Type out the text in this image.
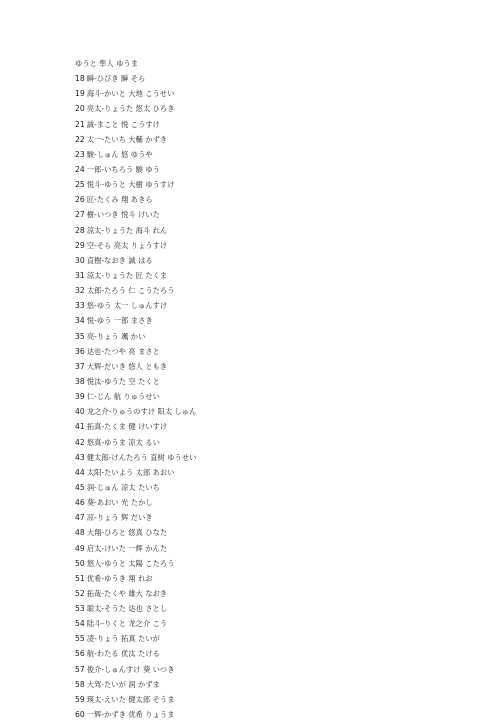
ゆうと 隼人 ゆうま
18 瞬-ひびき 瞬 そら
19 海斗-かいと 大地 こうせい
20 亮太-りょうた 悠太 ひろき
21 誠-まこと 悦 こうすけ
22 太一-たいち 大輔 かずき
23 駿-しゅん 悠 ゆうや
24 一郎-いちろう 駿 ゆう
25 悦斗-ゆうと 大樹 ゆうすけ
26 匠-たくみ 翔 あきら
27 樹-いつき 悦斗 けいた
28 涼太-りょうた 海斗 れん
29 空-そら 亮太 りょうすけ
30 直樹-なおき 誠 はる
31 涼太-りょうた 匠 たくま
32 太郎-たろう 仁 こうたろう
33 悠-ゆう 太一 しゅんすけ
34 悦-ゆう 一郎 まさき
35 亮-りょう 颯 かい
36 达也-たつや 亮 まさと
37 大辉-だいき 悠人 ともき
38 悦汰-ゆうた 空 たくと
39 仁-じん 航 りゅうせい
40 龙之介-りゅうのすけ 阳太 しゅん
41 拓真-たくま 健 けいすけ
42 悠真-ゆうま 凉太 るい
43 健太郎-けんたろう 直树 ゆうせい
44 太阳-たいよう 太郎 あおい
45 润-じゅん 凉太 たいち
46 葵-あおい 光 たかし
47 凉-りょう 辉 だいき
48 大翔-ひろと 悠真 ひなた
49 启太-けいた 一辉 かんた
50 悠人-ゆうと 太陽 こたろう
51 优希-ゆうき 翔 れお
52 拓哉-たくや 雄大 なおき
53 聪太-そうた 达也 さとし
54 陆斗-りくと 龙之介 こう
55 凌-りょう 拓真 たいが
56 航-わたる 优汰 たける
57 俊介-しゅんすけ 葵 いつき
58 大驾-たいが 润 かずま
59 瑛太-えいた 健太郎 そうま
60 一辉-かずき 优希 りょうま
